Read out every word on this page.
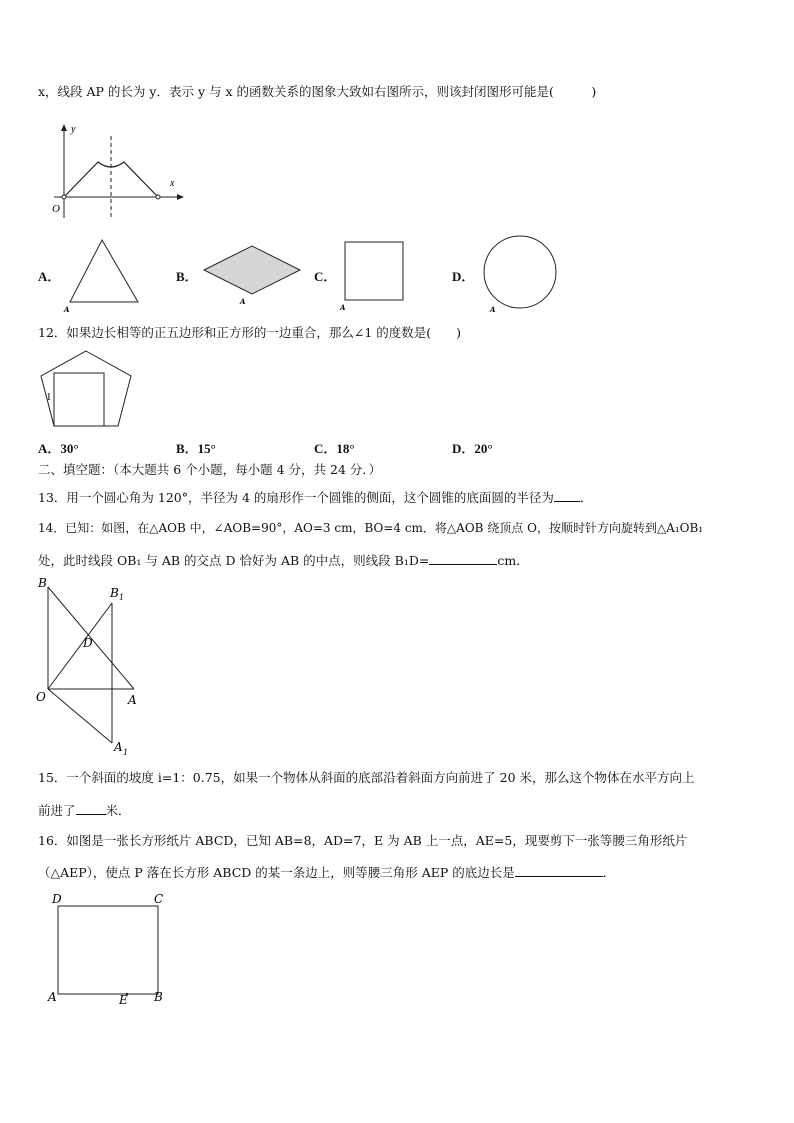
x，线段 AP 的长为 y．表示 y 与 x 的函数关系的图象大致如右图所示，则该封闭图形可能是(　　　)
y
x
O
A．
A
B．
A
C．
A
D．
A
12．如果边长相等的正五边形和正方形的一边重合，那么∠1 的度数是(　　)
1
A．30°	B．15°	C．18°	D．20°
二、填空题：（本大题共 6 个小题，每小题 4 分，共 24 分．）
13．用一个圆心角为 120°，半径为 4 的扇形作一个圆锥的侧面，这个圆锥的底面圆的半径为 ．
14．已知：如图，在△AOB 中，∠AOB=90°，AO=3 cm，BO=4 cm．将△AOB 绕顶点 O，按顺时针方向旋转到△A₁OB₁
处，此时线段 OB₁ 与 AB 的交点 D 恰好为 AB 的中点，则线段 B₁D=	cm．
B
B 1
D
O	A
A 1
15．一个斜面的坡度 i=1：0.75，如果一个物体从斜面的底部沿着斜面方向前进了 20 米，那么这个物体在水平方向上
前进了 米．
16．如图是一张长方形纸片 ABCD，已知 AB=8，AD=7，E 为 AB 上一点，AE=5，现要剪下一张等腰三角形纸片
（△AEP），使点 P 落在长方形 ABCD 的某一条边上，则等腰三角形 AEP 的底边长是	．
D	C
A	E B
